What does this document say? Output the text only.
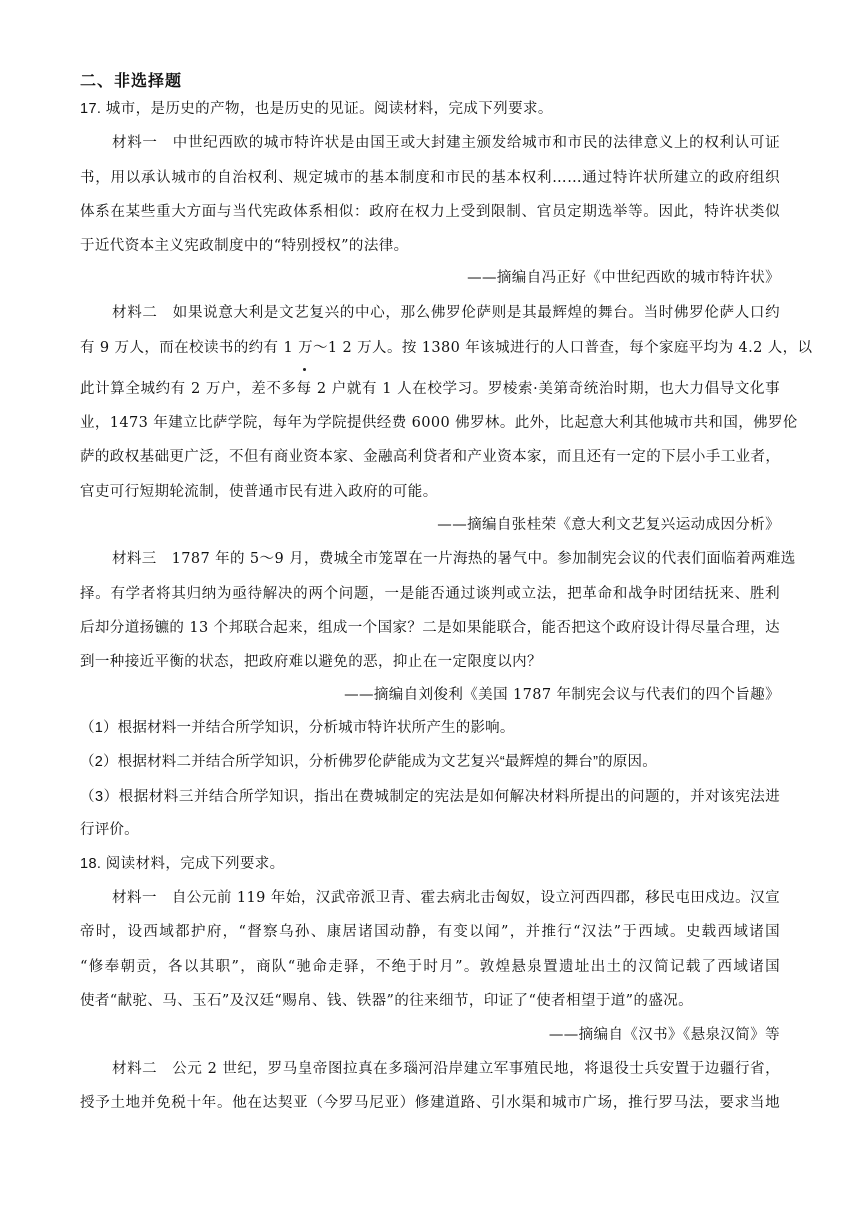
二、非选择题
17. 城市，是历史的产物，也是历史的见证。阅读材料，完成下列要求。
材料一　中世纪西欧的城市特许状是由国王或大封建主颁发给城市和市民的法律意义上的权利认可证
书，用以承认城市的自治权利、规定城市的基本制度和市民的基本权利……通过特许状所建立的政府组织
体系在某些重大方面与当代宪政体系相似：政府在权力上受到限制、官员定期选举等。因此，特许状类似
于近代资本主义宪政制度中的“特别授权”的法律。
——摘编自冯正好《中世纪西欧的城市特许状》
材料二　如果说意大利是文艺复兴的中心，那么佛罗伦萨则是其最辉煌的舞台。当时佛罗伦萨人口约
有 9 万人，而在校读书的约有 1 万～1 2 万人。按 1380 年该城进行的人口普查，每个家庭平均为 4.2 人，以
此计算全城约有 2 万户，差不多每 2 户就有 1 人在校学习。罗棱索·美第奇统治时期，也大力倡导文化事
业，1473 年建立比萨学院，每年为学院提供经费 6000 佛罗林。此外，比起意大利其他城市共和国，佛罗伦
萨的政权基础更广泛，不但有商业资本家、金融高利贷者和产业资本家，而且还有一定的下层小手工业者，
官吏可行短期轮流制，使普通市民有进入政府的可能。
——摘编自张桂荣《意大利文艺复兴运动成因分析》
材料三　1787 年的 5～9 月，费城全市笼罩在一片海热的暑气中。参加制宪会议的代表们面临着两难选
择。有学者将其归纳为亟待解决的两个问题，一是能否通过谈判或立法，把革命和战争时团结抚来、胜利
后却分道扬镳的 13 个邦联合起来，组成一个国家？二是如果能联合，能否把这个政府设计得尽量合理，达
到一种接近平衡的状态，把政府难以避免的恶，抑止在一定限度以内？
——摘编自刘俊利《美国 1787 年制宪会议与代表们的四个旨趣》
（1）根据材料一并结合所学知识，分析城市特许状所产生的影响。
（2）根据材料二并结合所学知识，分析佛罗伦萨能成为文艺复兴“最辉煌的舞台”的原因。
（3）根据材料三并结合所学知识，指出在费城制定的宪法是如何解决材料所提出的问题的，并对该宪法进
行评价。
18. 阅读材料，完成下列要求。
材料一　自公元前 119 年始，汉武帝派卫青、霍去病北击匈奴，设立河西四郡，移民屯田戍边。汉宣
帝时，设西域都护府，“督察乌孙、康居诸国动静，有变以闻”，并推行“汉法”于西域。史载西域诸国
“修奉朝贡，各以其职”，商队“驰命走驿，不绝于时月”。敦煌悬泉置遗址出土的汉简记载了西域诸国
使者“献驼、马、玉石”及汉廷“赐帛、钱、铁器”的往来细节，印证了“使者相望于道”的盛况。
——摘编自《汉书》《悬泉汉简》等
材料二　公元 2 世纪，罗马皇帝图拉真在多瑙河沿岸建立军事殖民地，将退役士兵安置于边疆行省，
授予土地并免税十年。他在达契亚（今罗马尼亚）修建道路、引水渠和城市广场，推行罗马法，要求当地
